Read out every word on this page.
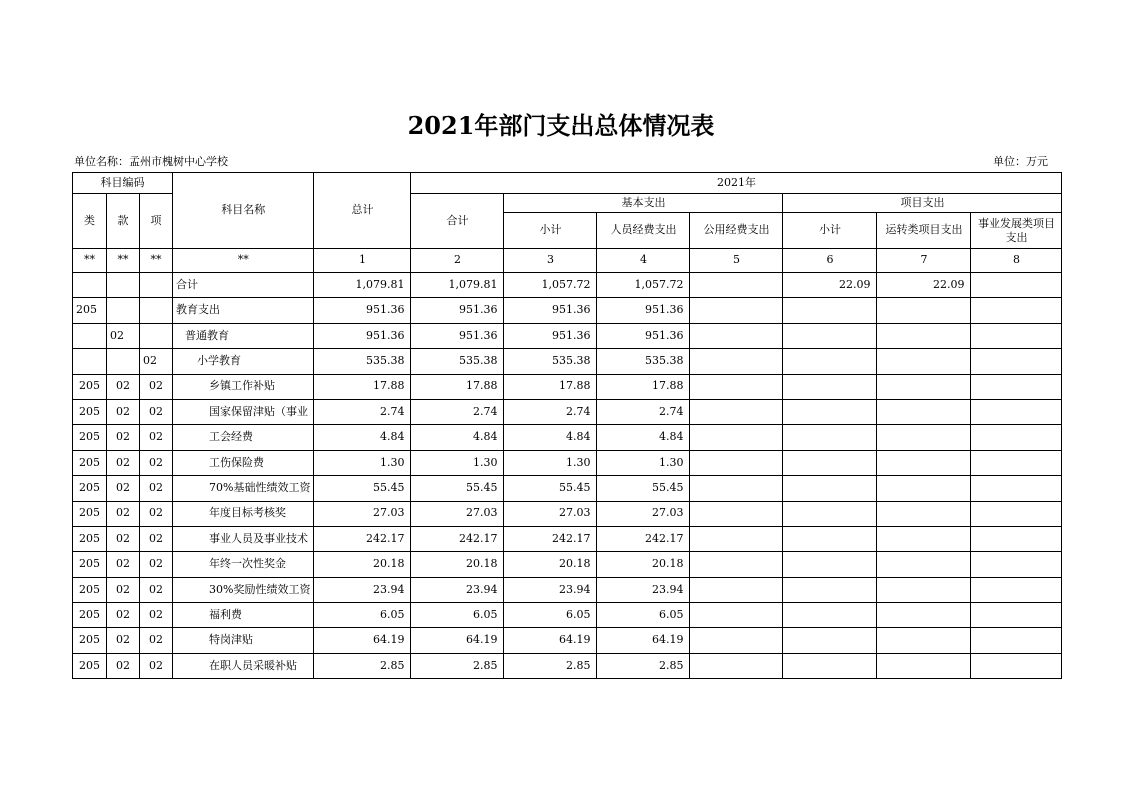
2021年部门支出总体情况表
单位名称：孟州市槐树中心学校	单位：万元
科目编码			科目名称	总计	2021年						
类	款	项			合计	基本支出			项目支出		
						小计	人员经费支出	公用经费支出	小计	运转类项目支出	事业发展类项目支出
**	**	**	**	1	2	3	4	5	6	7	8
			合计	1,079.81	1,079.81	1,057.72	1,057.72		22.09	22.09	
205			教育支出	951.36	951.36	951.36	951.36				
	02		普通教育	951.36	951.36	951.36	951.36				
		02	小学教育	535.38	535.38	535.38	535.38				
205	02	02	乡镇工作补贴	17.88	17.88	17.88	17.88				
205	02	02	国家保留津贴（事业	2.74	2.74	2.74	2.74				
205	02	02	工会经费	4.84	4.84	4.84	4.84				
205	02	02	工伤保险费	1.30	1.30	1.30	1.30				
205	02	02	70%基础性绩效工资	55.45	55.45	55.45	55.45				
205	02	02	年度目标考核奖	27.03	27.03	27.03	27.03				
205	02	02	事业人员及事业技术	242.17	242.17	242.17	242.17				
205	02	02	年终一次性奖金	20.18	20.18	20.18	20.18				
205	02	02	30%奖励性绩效工资	23.94	23.94	23.94	23.94				
205	02	02	福利费	6.05	6.05	6.05	6.05				
205	02	02	特岗津贴	64.19	64.19	64.19	64.19				
205	02	02	在职人员采暖补贴	2.85	2.85	2.85	2.85				
